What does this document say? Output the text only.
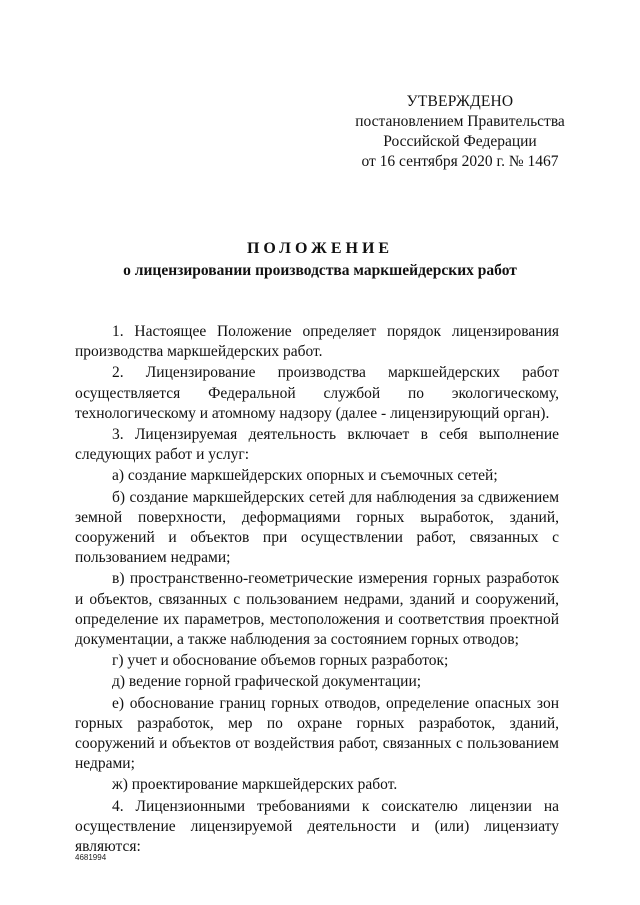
УТВЕРЖДЕНО
постановлением Правительства
Российской Федерации
от 16 сентября 2020 г. № 1467
ПОЛОЖЕНИЕ
о лицензировании производства маркшейдерских работ

1. Настоящее Положение определяет порядок лицензирования производства маркшейдерских работ.

2. Лицензирование производства маркшейдерских работ осуществляется Федеральной службой по экологическому, технологическому и атомному надзору (далее - лицензирующий орган).

3. Лицензируемая деятельность включает в себя выполнение следующих работ и услуг:

а) создание маркшейдерских опорных и съемочных сетей;

б) создание маркшейдерских сетей для наблюдения за сдвижением земной поверхности, деформациями горных выработок, зданий, сооружений и объектов при осуществлении работ, связанных с пользованием недрами;

в) пространственно-геометрические измерения горных разработок и объектов, связанных с пользованием недрами, зданий и сооружений, определение их параметров, местоположения и соответствия проектной документации, а также наблюдения за состоянием горных отводов;

г) учет и обоснование объемов горных разработок;

д) ведение горной графической документации;

е) обоснование границ горных отводов, определение опасных зон горных разработок, мер по охране горных разработок, зданий, сооружений и объектов от воздействия работ, связанных с пользованием недрами;

ж) проектирование маркшейдерских работ.

4. Лицензионными требованиями к соискателю лицензии на осуществление лицензируемой деятельности и (или) лицензиату являются:

4681994
